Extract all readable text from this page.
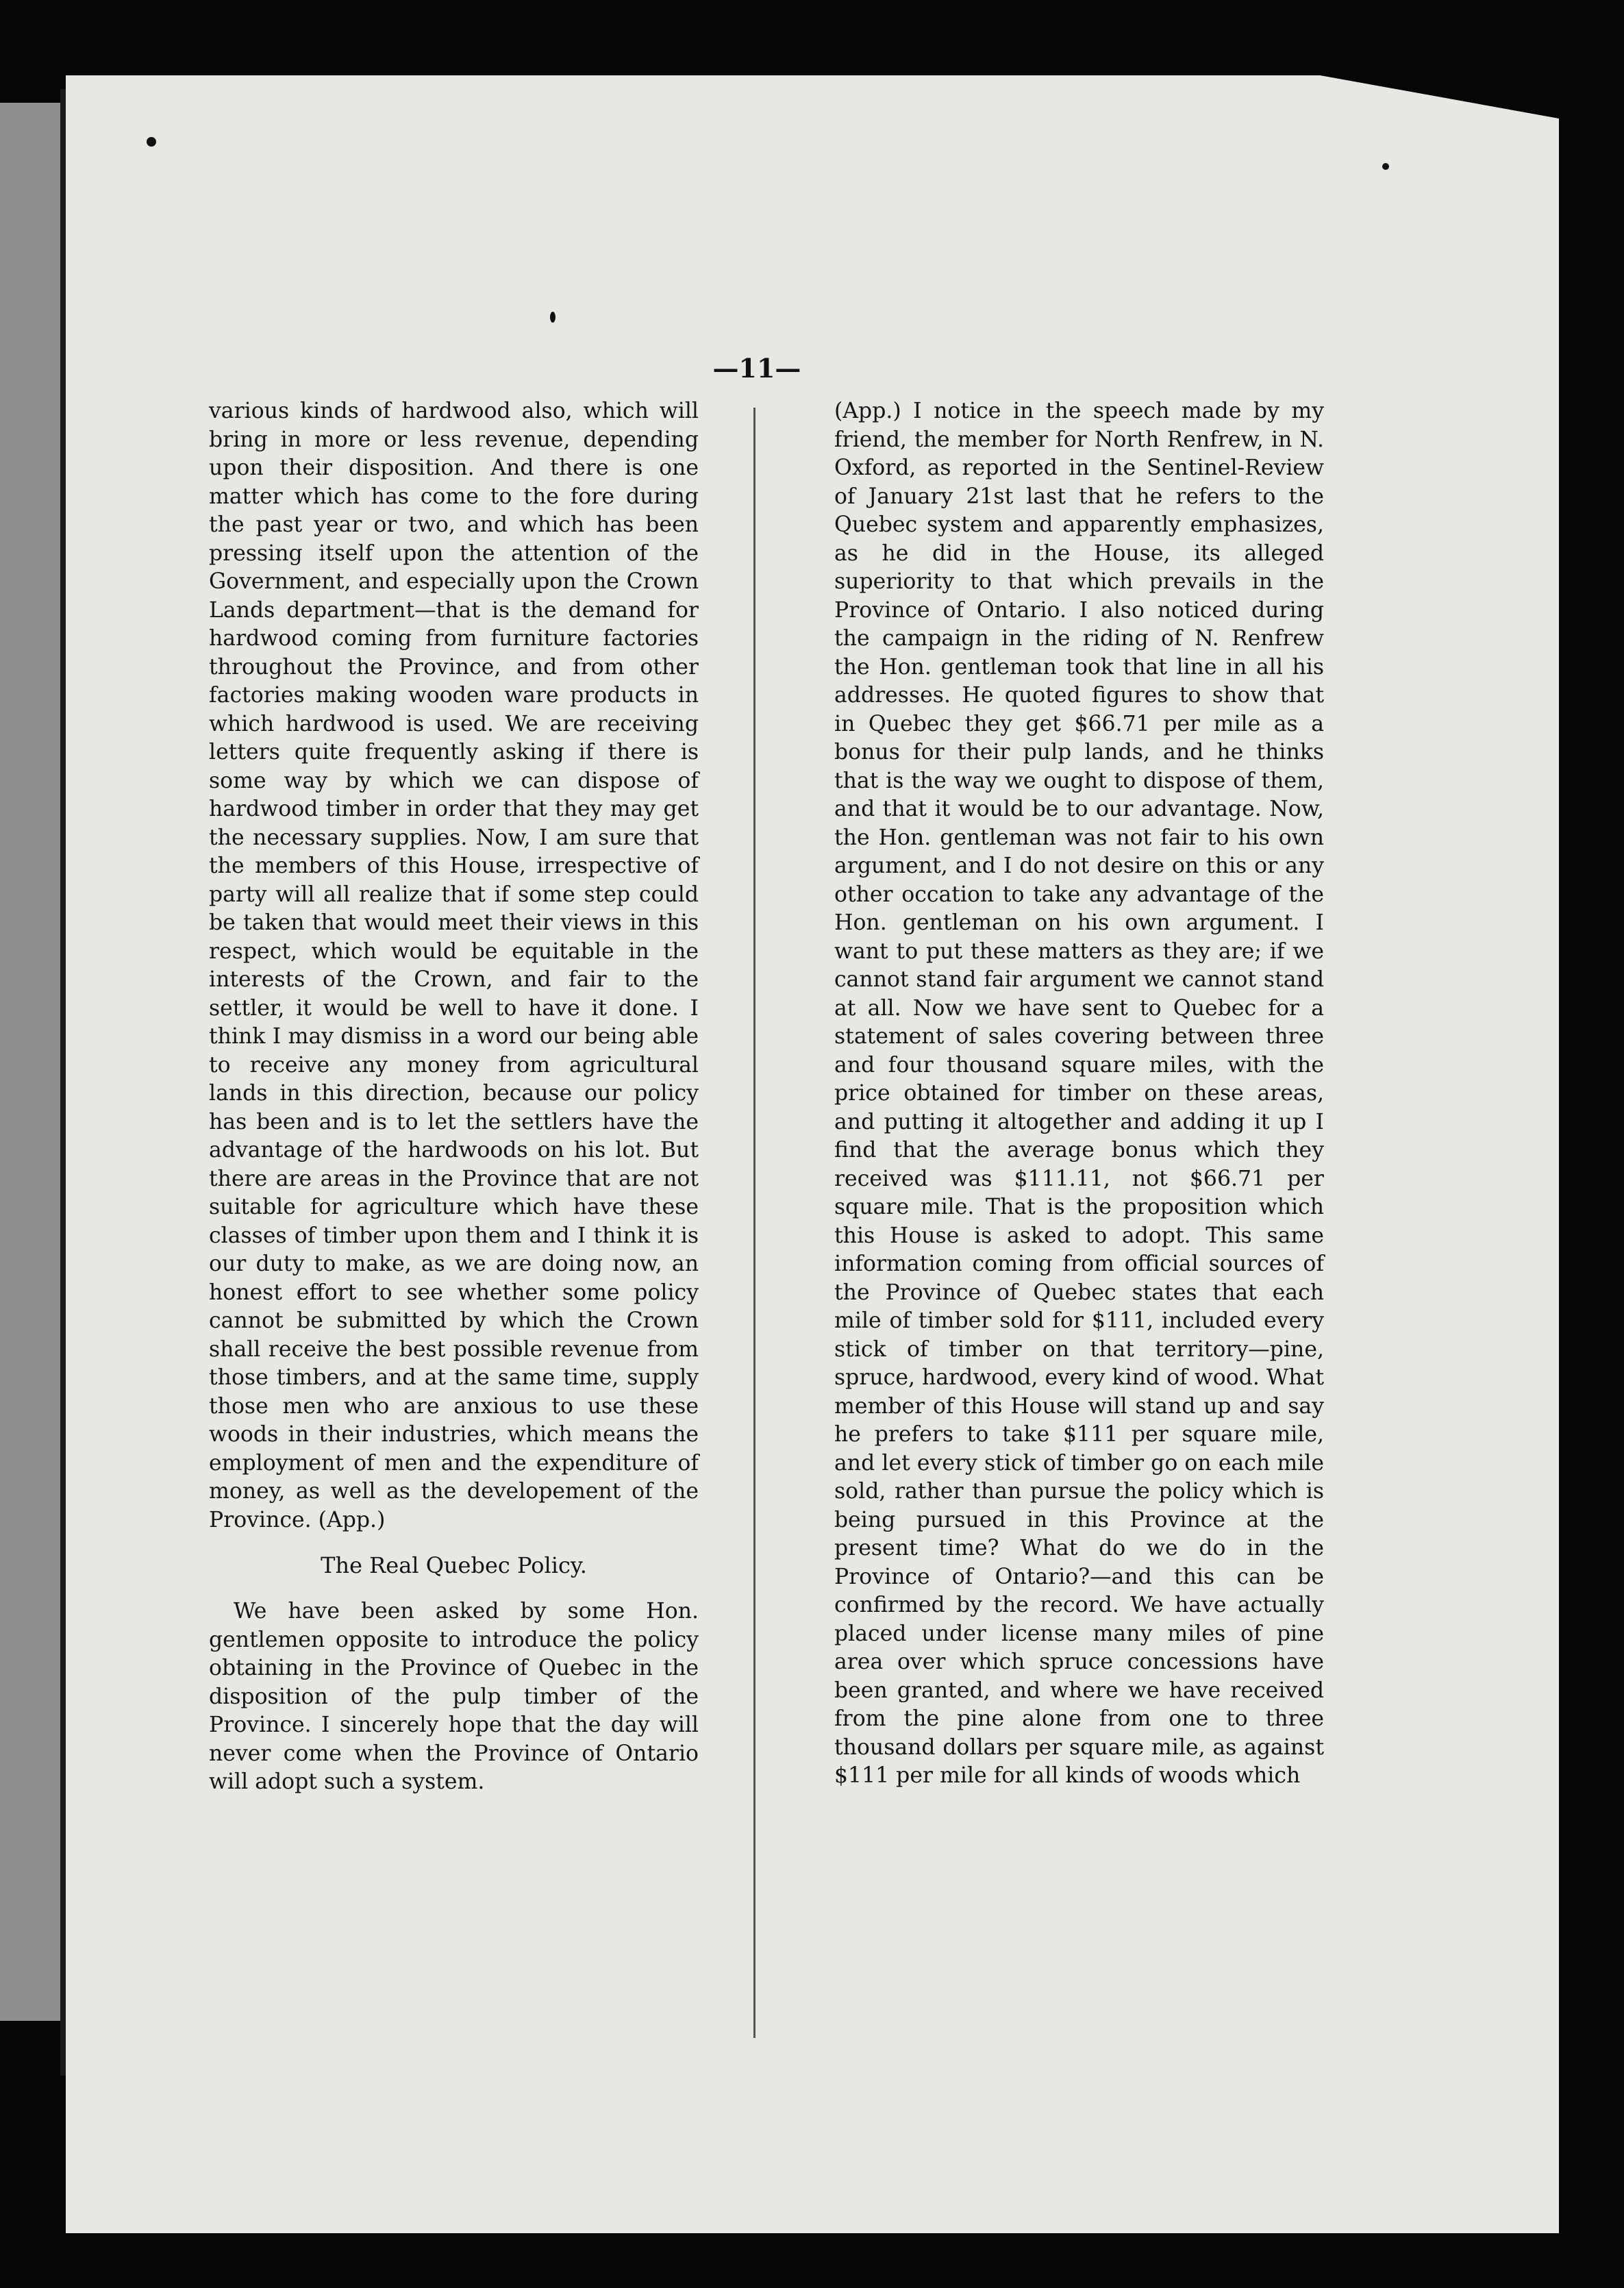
—11—

various kinds of hardwood also, which will bring in more or less revenue, depending upon their disposition. And there is one matter which has come to the fore during the past year or two, and which has been pressing itself upon the attention of the Government, and especially upon the Crown Lands department—that is the demand for hardwood coming from furniture factories throughout the Province, and from other factories making wooden ware products in which hardwood is used. We are receiving letters quite frequently asking if there is some way by which we can dispose of hardwood timber in order that they may get the necessary supplies. Now, I am sure that the members of this House, irrespective of party will all realize that if some step could be taken that would meet their views in this respect, which would be equitable in the interests of the Crown, and fair to the settler, it would be well to have it done. I think I may dismiss in a word our being able to receive any money from agricultural lands in this direction, because our policy has been and is to let the settlers have the advantage of the hardwoods on his lot. But there are areas in the Province that are not suitable for agriculture which have these classes of timber upon them and I think it is our duty to make, as we are doing now, an honest effort to see whether some policy cannot be submitted by which the Crown shall receive the best possible revenue from those timbers, and at the same time, supply those men who are anxious to use these woods in their industries, which means the employment of men and the expenditure of money, as well as the developement of the Province. (App.)

The Real Quebec Policy.

We have been asked by some Hon. gentlemen opposite to introduce the policy obtaining in the Province of Quebec in the disposition of the pulp timber of the Province. I sincerely hope that the day will never come when the Province of Ontario will adopt such a system.

(App.) I notice in the speech made by my friend, the member for North Renfrew, in N. Oxford, as reported in the Sentinel-Review of January 21st last that he refers to the Quebec system and apparently emphasizes, as he did in the House, its alleged superiority to that which prevails in the Province of Ontario. I also noticed during the campaign in the riding of N. Renfrew the Hon. gentleman took that line in all his addresses. He quoted figures to show that in Quebec they get $66.71 per mile as a bonus for their pulp lands, and he thinks that is the way we ought to dispose of them, and that it would be to our advantage. Now, the Hon. gentleman was not fair to his own argument, and I do not desire on this or any other occation to take any advantage of the Hon. gentleman on his own argument. I want to put these matters as they are; if we cannot stand fair argument we cannot stand at all. Now we have sent to Quebec for a statement of sales covering between three and four thousand square miles, with the price obtained for timber on these areas, and putting it altogether and adding it up I find that the average bonus which they received was $111.11, not $66.71 per square mile. That is the proposition which this House is asked to adopt. This same information coming from official sources of the Province of Quebec states that each mile of timber sold for $111, included every stick of timber on that territory—pine, spruce, hardwood, every kind of wood. What member of this House will stand up and say he prefers to take $111 per square mile, and let every stick of timber go on each mile sold, rather than pursue the policy which is being pursued in this Province at the present time? What do we do in the Province of Ontario?—and this can be confirmed by the record. We have actually placed under license many miles of pine area over which spruce concessions have been granted, and where we have received from the pine alone from one to three thousand dollars per square mile, as against $111 per mile for all kinds of woods which
